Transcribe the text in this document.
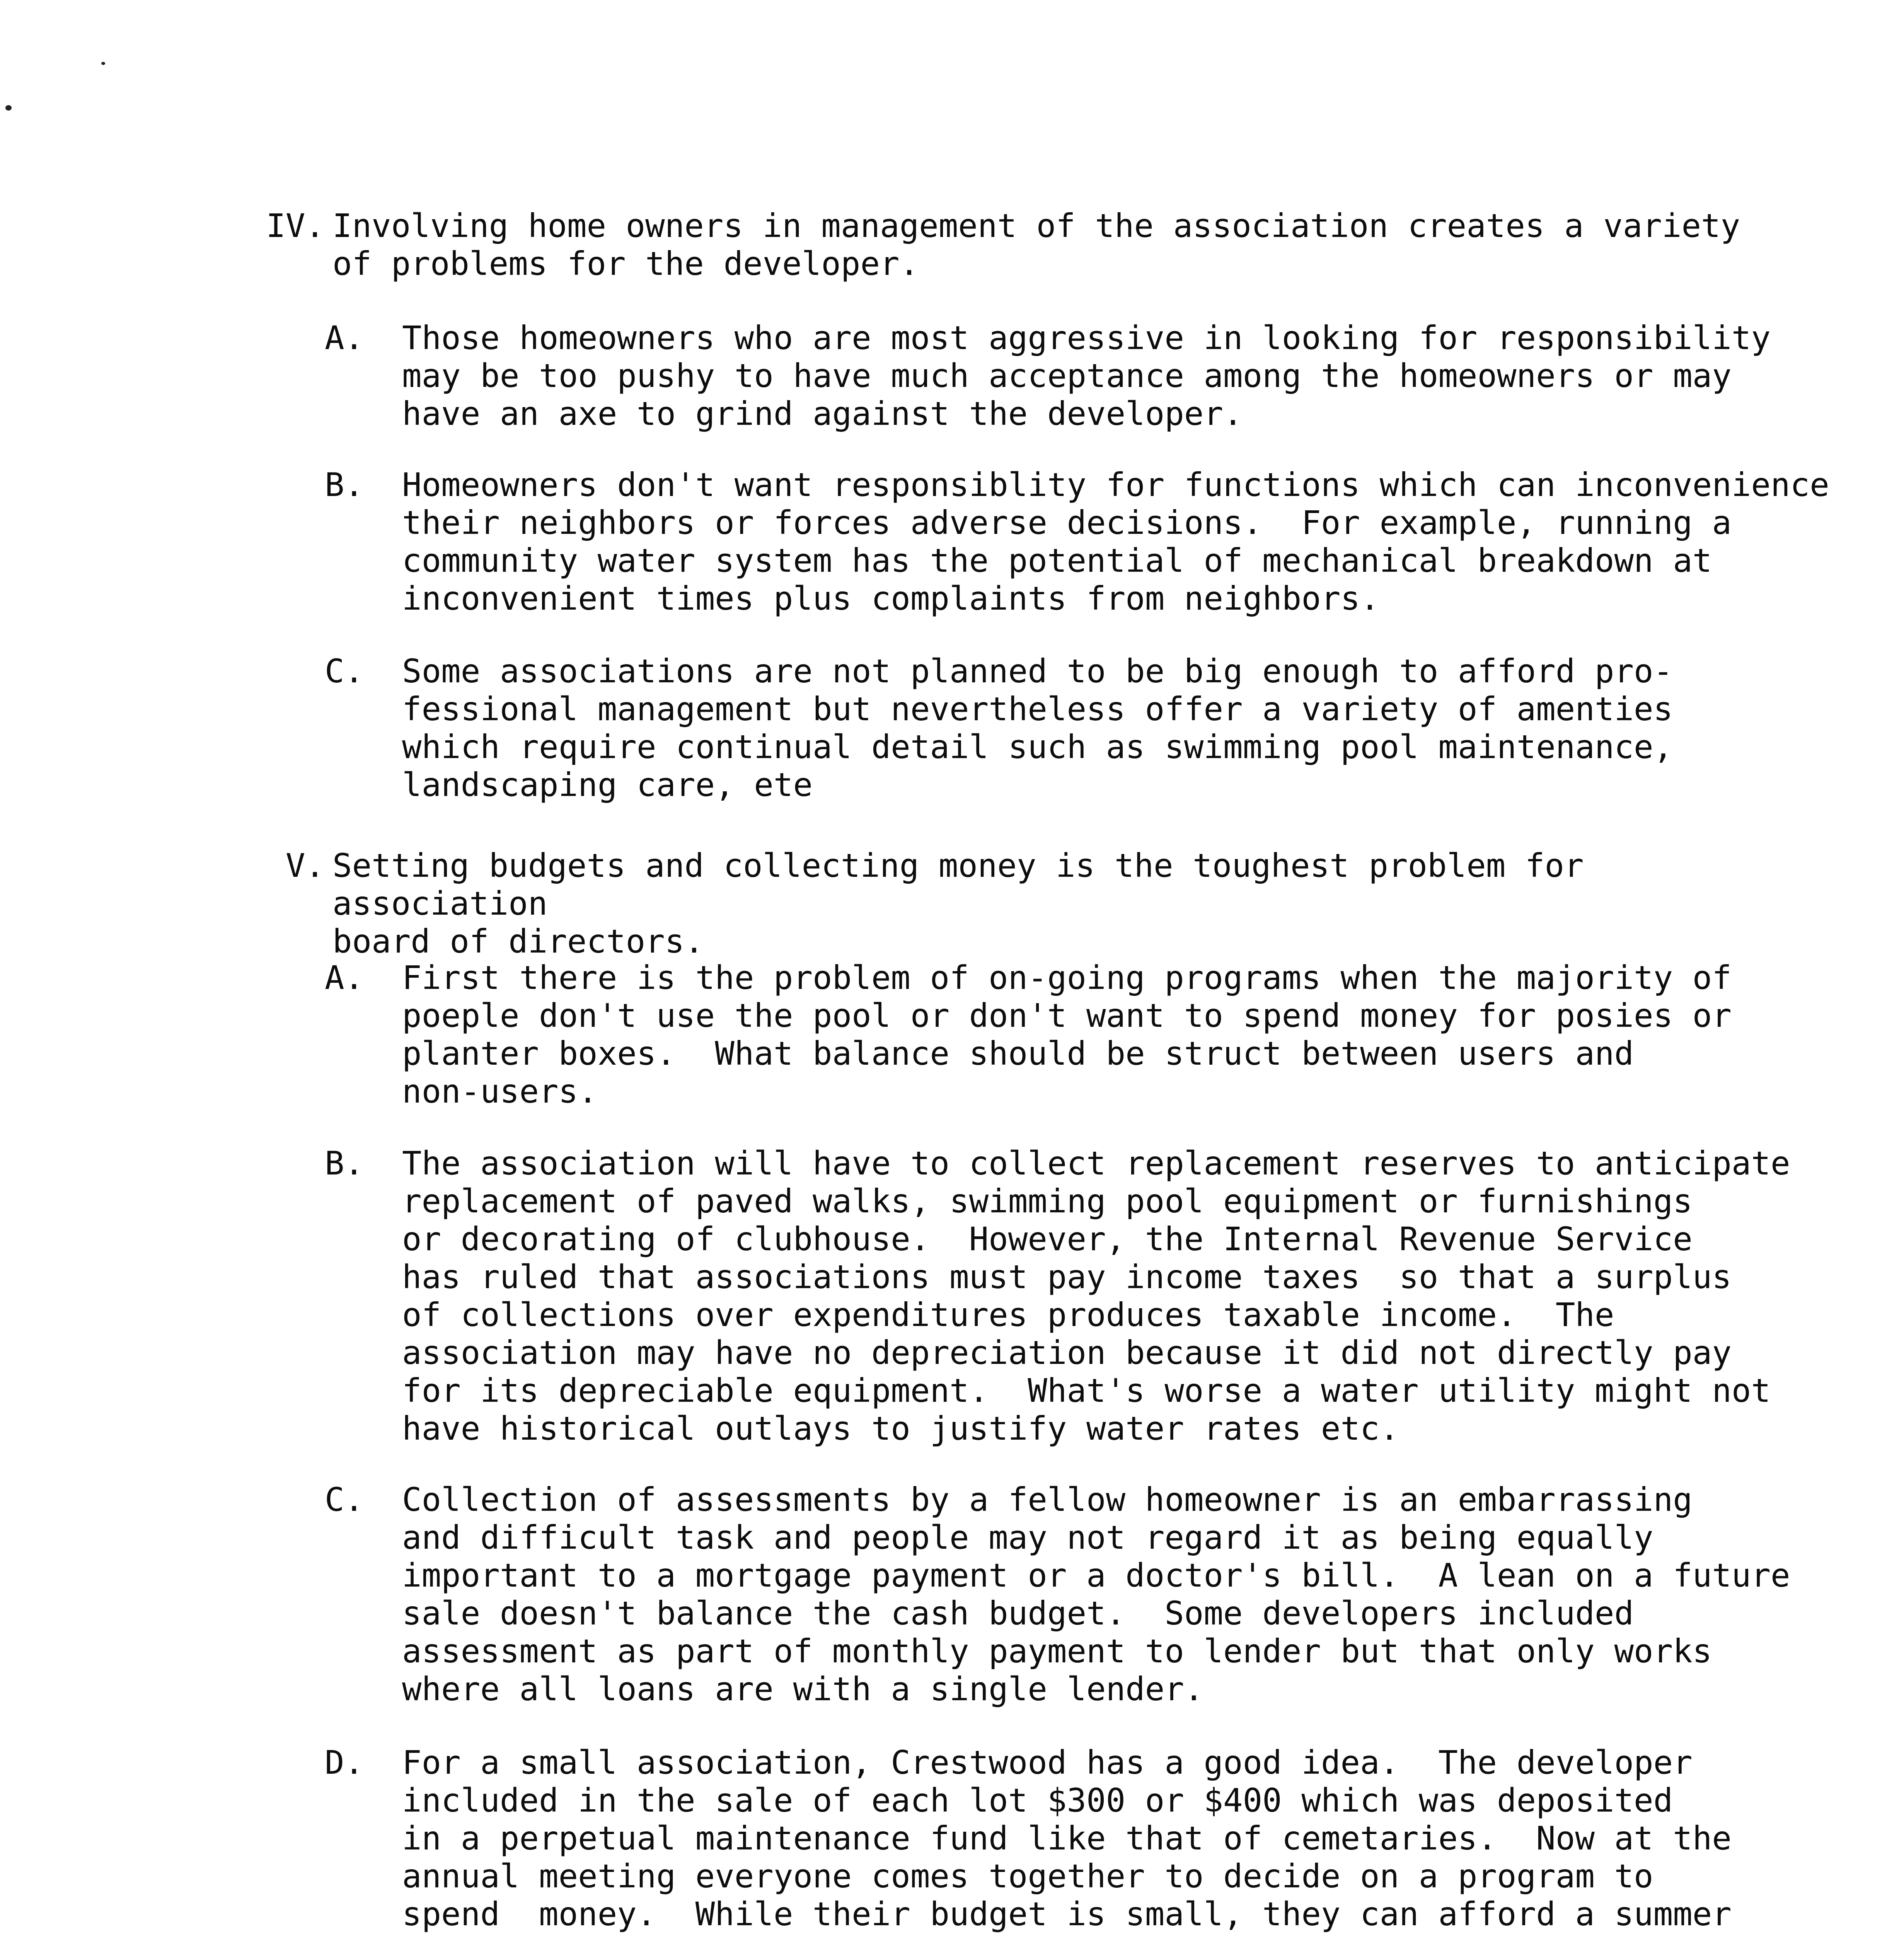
IV. Involving home owners in management of the association creates a variety
of problems for the developer.
A.	Those homeowners who are most aggressive in looking for responsibility
may be too pushy to have much acceptance among the homeowners or may
have an axe to grind against the developer.
B.	Homeowners don't want responsiblity for functions which can inconvenience
their neighbors or forces adverse decisions.  For example, running a
community water system has the potential of mechanical breakdown at
inconvenient times plus complaints from neighbors.
C.	Some associations are not planned to be big enough to afford pro-
fessional management but nevertheless offer a variety of amenties
which require continual detail such as swimming pool maintenance,
landscaping care, ete
V. Setting budgets and collecting money is the toughest problem for association
board of directors.
A.	First there is the problem of on-going programs when the majority of
poeple don't use the pool or don't want to spend money for posies or
planter boxes.  What balance should be struct between users and
non-users.
B.	The association will have to collect replacement reserves to anticipate
replacement of paved walks, swimming pool equipment or furnishings
or decorating of clubhouse.  However, the Internal Revenue Service
has ruled that associations must pay income taxes  so that a surplus
of collections over expenditures produces taxable income.  The
association may have no depreciation because it did not directly pay
for its depreciable equipment.  What's worse a water utility might not
have historical outlays to justify water rates etc.
C.	Collection of assessments by a fellow homeowner is an embarrassing
and difficult task and people may not regard it as being equally
important to a mortgage payment or a doctor's bill.  A lean on a future
sale doesn't balance the cash budget.  Some developers included
assessment as part of monthly payment to lender but that only works
where all loans are with a single lender.
D.	For a small association, Crestwood has a good idea.  The developer
included in the sale of each lot $300 or $400 which was deposited
in a perpetual maintenance fund like that of cemetaries.  Now at the
annual meeting everyone comes together to decide on a program to
spend  money.  While their budget is small, they can afford a summer
